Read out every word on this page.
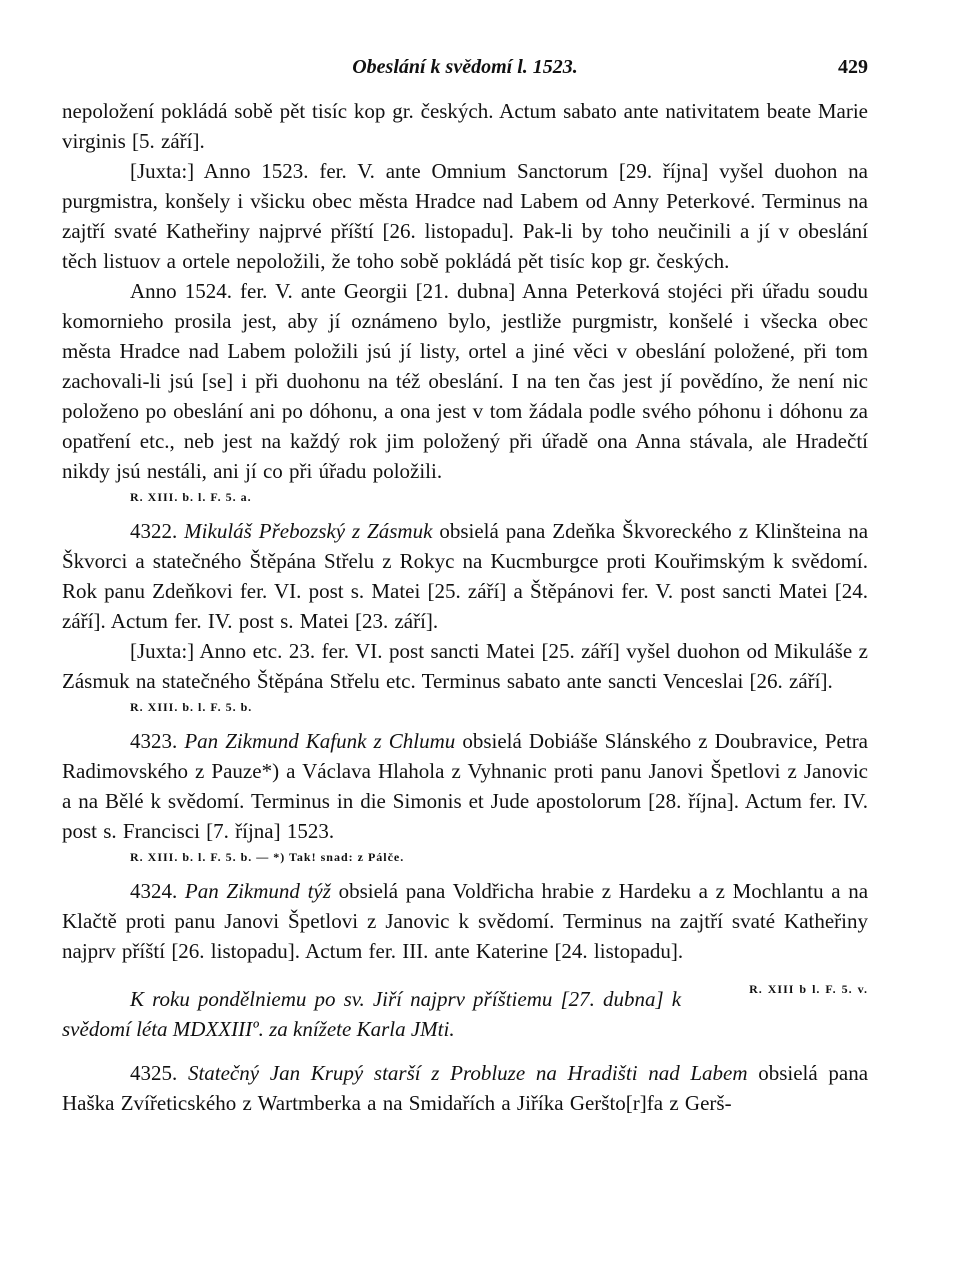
Obeslání k svědomí l. 1523.	429

nepoložení pokládá sobě pět tisíc kop gr. českých. Actum sabato ante nativitatem beate Marie virginis [5. září].

[Juxta:] Anno 1523. fer. V. ante Omnium Sanctorum [29. října] vyšel duohon na purgmistra, konšely i všicku obec města Hradce nad Labem od Anny Peterkové. Terminus na zajtří svaté Katheřiny najprvé příští [26. listopadu]. Pak-li by toho neučinili a jí v obeslání těch listuov a ortele nepoložili, že toho sobě pokládá pět tisíc kop gr. českých.

Anno 1524. fer. V. ante Georgii [21. dubna] Anna Peterková stojéci při úřadu soudu komornieho prosila jest, aby jí oznámeno bylo, jestliže purgmistr, konšelé i všecka obec města Hradce nad Labem položili jsú jí listy, ortel a jiné věci v obeslání položené, při tom zachovali-li jsú [se] i při duohonu na též obeslání. I na ten čas jest jí povědíno, že není nic položeno po obeslání ani po dóhonu, a ona jest v tom žádala podle svého póhonu i dóhonu za opatření etc., neb jest na každý rok jim položený při úřadě ona Anna stávala, ale Hradečtí nikdy jsú nestáli, ani jí co při úřadu položili.

R. XIII. b. l. F. 5. a.

4322. Mikuláš Přebozský z Zásmuk obsielá pana Zdeňka Škvoreckého z Klinšteina na Škvorci a statečného Štěpána Střelu z Rokyc na Kucmburgce proti Kouřimským k svědomí. Rok panu Zdeňkovi fer. VI. post s. Matei [25. září] a Štěpánovi fer. V. post sancti Matei [24. září]. Actum fer. IV. post s. Matei [23. září].

[Juxta:] Anno etc. 23. fer. VI. post sancti Matei [25. září] vyšel duohon od Mikuláše z Zásmuk na statečného Štěpána Střelu etc. Terminus sabato ante sancti Venceslai [26. září].

R. XIII. b. l. F. 5. b.

4323. Pan Zikmund Kafunk z Chlumu obsielá Dobiáše Slánského z Doubravice, Petra Radimovského z Pauze*) a Václava Hlahola z Vyhnanic proti panu Janovi Špetlovi z Janovic a na Bělé k svědomí. Terminus in die Simonis et Jude apostolorum [28. října]. Actum fer. IV. post s. Francisci [7. října] 1523.

R. XIII. b. l. F. 5. b. — *) Tak! snad: z Pálče.

4324. Pan Zikmund týž obsielá pana Voldřicha hrabie z Hardeku a z Mochlantu a na Klačtě proti panu Janovi Špetlovi z Janovic k svědomí. Terminus na zajtří svaté Katheřiny najprv příští [26. listopadu]. Actum fer. III. ante Katerine [24. listopadu].
R. XIII b l. F. 5. v.

K roku pondělniemu po sv. Jiří najprv příštiemu [27. dubna] k svědomí léta MDXXIIIº. za knížete Karla JMti.

4325. Statečný Jan Krupý starší z Probluze na Hradišti nad Labem obsielá pana Haška Zvířeticského z Wartmberka a na Smidařích a Jiříka Geršto[r]fa z Gerš-
